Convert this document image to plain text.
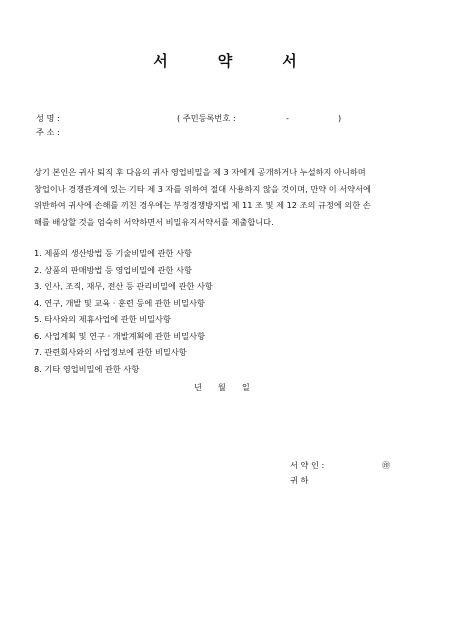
서	약	서
성 명 :	( 주민등록번호 :	-	)
주 소 :
상기 본인은 귀사 퇴직 후 다음의 귀사 영업비밀을 제 3 자에게 공개하거나 누설하지 아니하며
창업이나 경쟁관계에 있는 기타 제 3 자를 위하여 절대 사용하지 않을 것이며, 만약 이 서약서에
위반하여 귀사에 손해를 끼친 경우에는 부정경쟁방지법 제 11 조 및 제 12 조의 규정에 의한 손
해를 배상할 것을 엄숙히 서약하면서 비밀유지서약서를 제출합니다.
1. 제품의 생산방법 등 기술비밀에 관한 사항
2. 상품의 판매방법 등 영업비밀에 관한 사항
3. 인사, 조직, 재무, 전산 등 관리비밀에 관한 사항
4. 연구, 개발 및 교육 · 훈련 등에 관한 비밀사항
5. 타사와의 제휴사업에 관한 비밀사항
6. 사업계획 및 연구 · 개발계획에 관한 비밀사항
7. 관련회사와의 사업정보에 관한 비밀사항
8. 기타 영업비밀에 관한 사항
년 월 일
서 약 인 :	㊞
귀 하
